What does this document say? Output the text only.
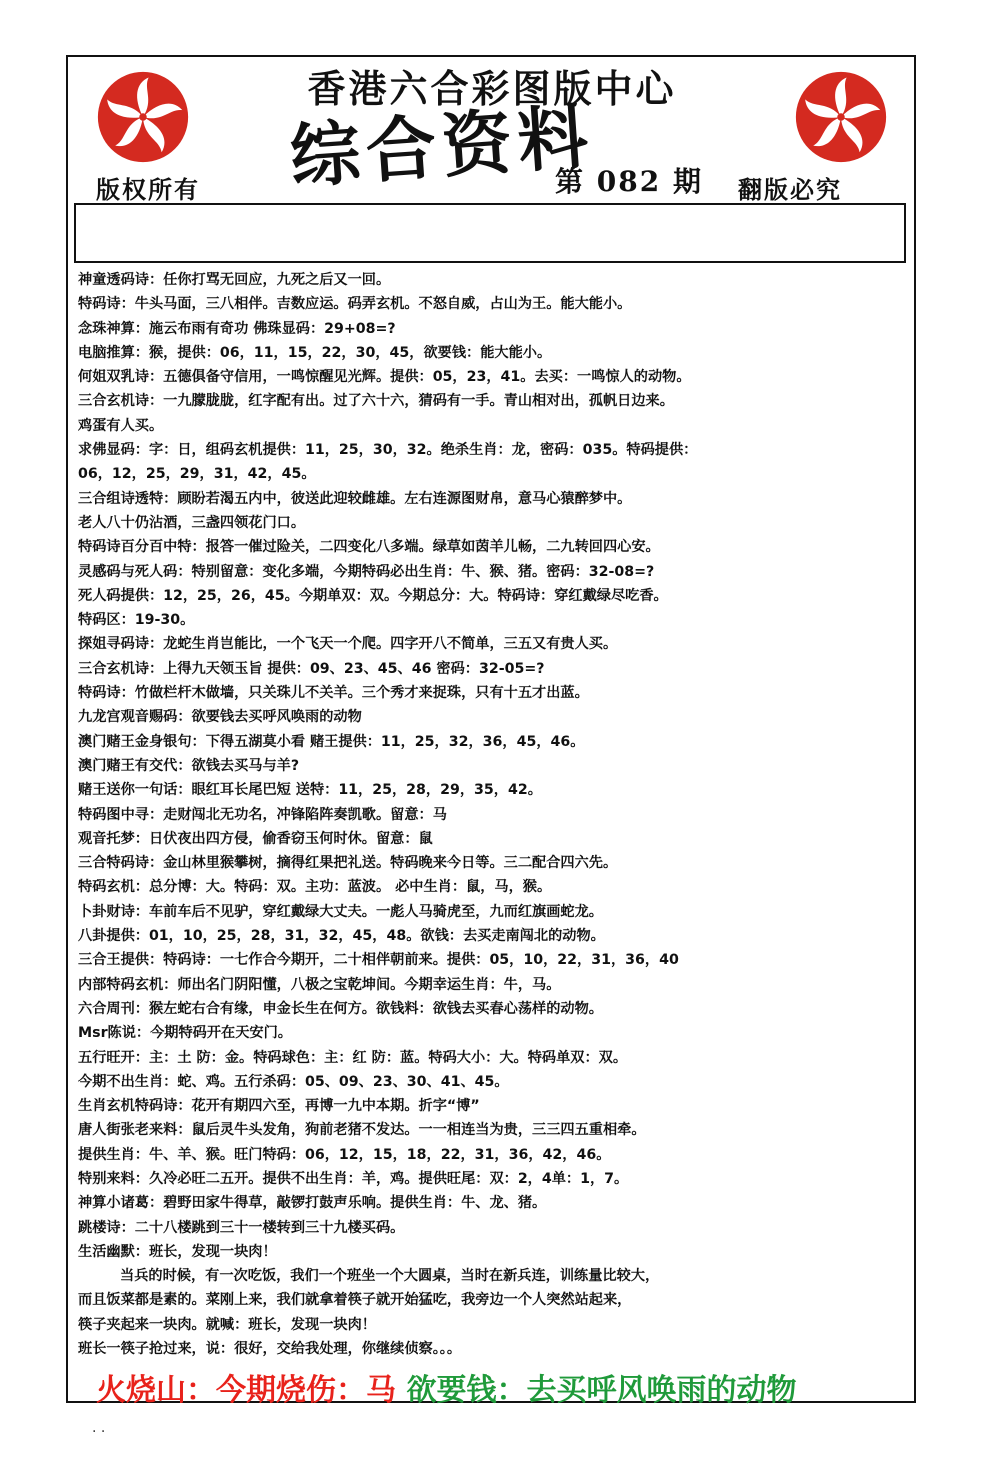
香港六合彩图版中心
综合资料
第 082 期
版权所有	翻版必究
神童透码诗：任你打骂无回应，九死之后又一回。
特码诗：牛头马面，三八相伴。吉数应运。码弄玄机。不怒自威，占山为王。能大能小。
念珠神算：施云布雨有奇功 佛珠显码：29+08=?
电脑推算：猴，提供：06，11，15，22，30，45，欲要钱：能大能小。
何姐双乳诗：五德俱备守信用，一鸣惊醒见光辉。提供：05，23，41。去买：一鸣惊人的动物。
三合玄机诗：一九朦胧胧，红字配有出。过了六十六，猜码有一手。青山相对出，孤帆日边来。
鸡蛋有人买。
求佛显码：字：日，组码玄机提供：11，25，30，32。绝杀生肖：龙，密码：035。特码提供：
06，12，25，29，31，42，45。
三合组诗透特：顾盼若渴五内中，彼送此迎较雌雄。左右连源图财帛，意马心猿醉梦中。
老人八十仍沾酒，三盏四领花门口。
特码诗百分百中特：报答一催过险关，二四变化八多端。绿草如茵羊儿畅，二九转回四心安。
灵感码与死人码：特别留意：变化多端，今期特码必出生肖：牛、猴、猪。密码：32-08=?
死人码提供：12，25，26，45。今期单双：双。今期总分：大。特码诗：穿红戴绿尽吃香。
特码区：19-30。
探姐寻码诗：龙蛇生肖岂能比，一个飞天一个爬。四字开八不简单，三五又有贵人买。
三合玄机诗：上得九天领玉旨 提供：09、23、45、46 密码：32-05=?
特码诗：竹做栏杆木做墙，只关珠儿不关羊。三个秀才来捉珠，只有十五才出蓝。
九龙宫观音赐码：欲要钱去买呼风唤雨的动物
澳门赌王金身银句：下得五湖莫小看 赌王提供：11，25，32，36，45，46。
澳门赌王有交代：欲钱去买马与羊?
赌王送你一句话：眼红耳长尾巴短 送特：11，25，28，29，35，42。
特码图中寻：走财闯北无功名，冲锋陷阵奏凯歌。留意：马
观音托梦：日伏夜出四方侵，偷香窃玉何时休。留意：鼠
三合特码诗：金山林里猴攀树，摘得红果把礼送。特码晚来今日等。三二配合四六先。
特码玄机：总分博：大。特码：双。主功：蓝波。 必中生肖：鼠，马，猴。
卜卦财诗：车前车后不见驴，穿红戴绿大丈夫。一彪人马骑虎至，九而红旗画蛇龙。
八卦提供：01，10，25，28，31，32，45，48。欲钱：去买走南闯北的动物。
三合王提供：特码诗：一七作合今期开，二十相伴朝前来。提供：05，10，22，31，36，40
内部特码玄机：师出名门阴阳懂，八极之宝乾坤间。今期幸运生肖：牛，马。
六合周刊：猴左蛇右合有缘，申金长生在何方。欲钱料：欲钱去买春心荡样的动物。
Msr陈说：今期特码开在天安门。
五行旺开：主：土 防：金。特码球色：主：红 防：蓝。特码大小：大。特码单双：双。
今期不出生肖：蛇、鸡。五行杀码：05、09、23、30、41、45。
生肖玄机特码诗：花开有期四六至，再博一九中本期。折字“博”
唐人街张老来料：鼠后灵牛头发角，狗前老猪不发达。一一相连当为贵，三三四五重相牵。
提供生肖：牛、羊、猴。旺门特码：06，12，15，18，22，31，36，42，46。
特别来料：久冷必旺二五开。提供不出生肖：羊，鸡。提供旺尾：双：2，4单：1，7。
神算小诸葛：碧野田家牛得草，敲锣打鼓声乐响。提供生肖：牛、龙、猪。
跳楼诗：二十八楼跳到三十一楼转到三十九楼买码。
生活幽默：班长，发现一块肉！
当兵的时候，有一次吃饭，我们一个班坐一个大圆桌，当时在新兵连，训练量比较大，
而且饭菜都是素的。菜刚上来，我们就拿着筷子就开始猛吃，我旁边一个人突然站起来，
筷子夹起来一块肉。就喊：班长，发现一块肉！
班长一筷子抢过来，说：很好，交给我处理，你继续侦察。。。
火烧山：今期烧伤：马 欲要钱：去买呼风唤雨的动物
. .
